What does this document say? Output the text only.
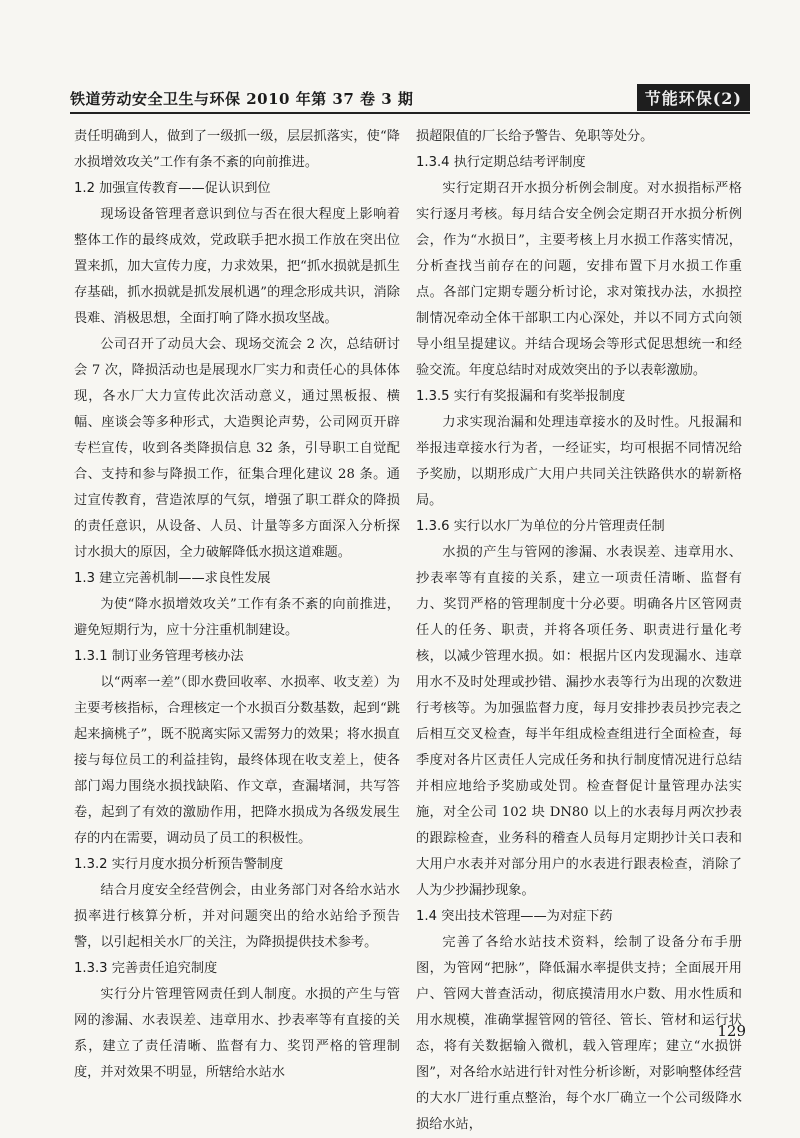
铁道劳动安全卫生与环保 2010 年第 37 卷 3 期	节能环保(2)

责任明确到人，做到了一级抓一级，层层抓落实，使“降水损增效攻关”工作有条不紊的向前推进。

1.2 加强宣传教育——促认识到位

现场设备管理者意识到位与否在很大程度上影响着整体工作的最终成效，党政联手把水损工作放在突出位置来抓，加大宣传力度，力求效果，把“抓水损就是抓生存基础，抓水损就是抓发展机遇”的理念形成共识，消除畏难、消极思想，全面打响了降水损攻坚战。

公司召开了动员大会、现场交流会 2 次，总结研讨会 7 次，降损活动也是展现水厂实力和责任心的具体体现，各水厂大力宣传此次活动意义，通过黑板报、横幅、座谈会等多种形式，大造舆论声势，公司网页开辟专栏宣传，收到各类降损信息 32 条，引导职工自觉配合、支持和参与降损工作，征集合理化建议 28 条。通过宣传教育，营造浓厚的气氛，增强了职工群众的降损的责任意识，从设备、人员、计量等多方面深入分析探讨水损大的原因，全力破解降低水损这道难题。

1.3 建立完善机制——求良性发展

为使“降水损增效攻关”工作有条不紊的向前推进，避免短期行为，应十分注重机制建设。

1.3.1 制订业务管理考核办法

以“两率一差”（即水费回收率、水损率、收支差）为主要考核指标，合理核定一个水损百分数基数，起到“跳起来摘桃子”，既不脱离实际又需努力的效果；将水损直接与每位员工的利益挂钩，最终体现在收支差上，使各部门竭力围绕水损找缺陷、作文章，查漏堵洞，共写答卷，起到了有效的激励作用，把降水损成为各级发展生存的内在需要，调动员了员工的积极性。

1.3.2 实行月度水损分析预告警制度

结合月度安全经营例会，由业务部门对各给水站水损率进行核算分析，并对问题突出的给水站给予预告警，以引起相关水厂的关注，为降损提供技术参考。

1.3.3 完善责任追究制度

实行分片管理管网责任到人制度。水损的产生与管网的渗漏、水表误差、违章用水、抄表率等有直接的关系，建立了责任清晰、监督有力、奖罚严格的管理制度，并对效果不明显，所辖给水站水

损超限值的厂长给予警告、免职等处分。

1.3.4 执行定期总结考评制度

实行定期召开水损分析例会制度。对水损指标严格实行逐月考核。每月结合安全例会定期召开水损分析例会，作为“水损日”，主要考核上月水损工作落实情况，分析查找当前存在的问题，安排布置下月水损工作重点。各部门定期专题分析讨论，求对策找办法，水损控制情况牵动全体干部职工内心深处，并以不同方式向领导小组呈提建议。并结合现场会等形式促思想统一和经验交流。年度总结时对成效突出的予以表彰激励。

1.3.5 实行有奖报漏和有奖举报制度

力求实现治漏和处理违章接水的及时性。凡报漏和举报违章接水行为者，一经证实，均可根据不同情况给予奖励，以期形成广大用户共同关注铁路供水的崭新格局。

1.3.6 实行以水厂为单位的分片管理责任制

水损的产生与管网的渗漏、水表误差、违章用水、抄表率等有直接的关系，建立一项责任清晰、监督有力、奖罚严格的管理制度十分必要。明确各片区管网责任人的任务、职责，并将各项任务、职责进行量化考核，以减少管理水损。如：根据片区内发现漏水、违章用水不及时处理或抄错、漏抄水表等行为出现的次数进行考核等。为加强监督力度，每月安排抄表员抄完表之后相互交叉检查，每半年组成检查组进行全面检查，每季度对各片区责任人完成任务和执行制度情况进行总结并相应地给予奖励或处罚。检查督促计量管理办法实施，对全公司 102 块 DN80 以上的水表每月两次抄表的跟踪检查，业务科的稽查人员每月定期抄计关口表和大用户水表并对部分用户的水表进行跟表检查，消除了人为少抄漏抄现象。

1.4 突出技术管理——为对症下药

完善了各给水站技术资料，绘制了设备分布手册图，为管网“把脉”，降低漏水率提供支持；全面展开用户、管网大普查活动，彻底摸清用水户数、用水性质和用水规模，准确掌握管网的管径、管长、管材和运行状态，将有关数据输入微机，载入管理库；建立“水损饼图”，对各给水站进行针对性分析诊断，对影响整体经营的大水厂进行重点整治，每个水厂确立一个公司级降水损给水站，

129
